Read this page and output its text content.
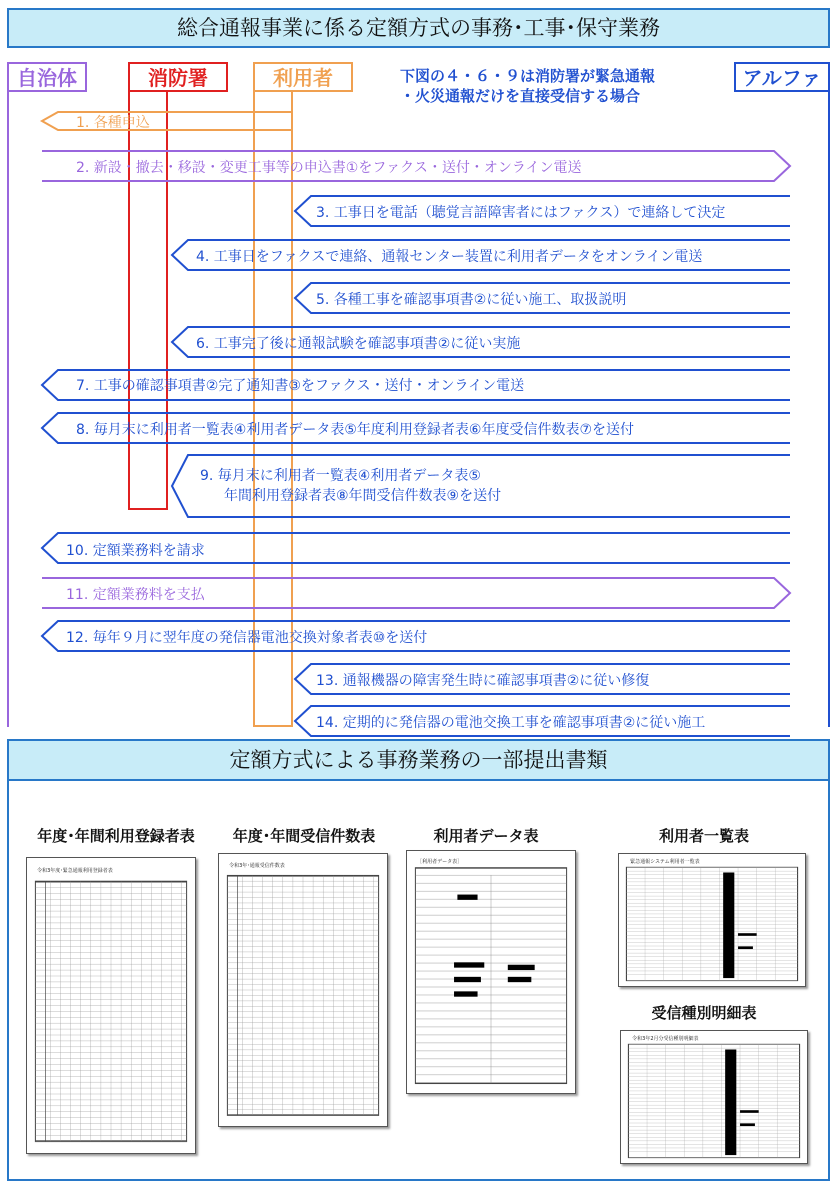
総合通報事業に係る定額方式の事務･工事･保守業務
自治体	消防署	利用者	アルファ
下図の４・６・９は消防署が緊急通報
・火災通報だけを直接受信する場合
1. 各種申込
2. 新設・撤去・移設・変更工事等の申込書①をファクス・送付・オンライン電送
3. 工事日を電話（聴覚言語障害者にはファクス）で連絡して決定
4. 工事日をファクスで連絡、通報センター装置に利用者データをオンライン電送
5. 各種工事を確認事項書②に従い施工、取扱説明
6. 工事完了後に通報試験を確認事項書②に従い実施
7. 工事の確認事項書②完了通知書③をファクス・送付・オンライン電送
8. 毎月末に利用者一覧表④利用者データ表⑤年度利用登録者表⑥年度受信件数表⑦を送付
9. 毎月末に利用者一覧表④利用者データ表⑤
年間利用登録者表⑧年間受信件数表⑨を送付
10. 定額業務料を請求
11. 定額業務料を支払
12. 毎年９月に翌年度の発信器電池交換対象者表⑩を送付
13. 通報機器の障害発生時に確認事項書②に従い修復
14. 定期的に発信器の電池交換工事を確認事項書②に従い施工
定額方式による事務業務の一部提出書類
年度･年間利用登録者表	年度･年間受信件数表	利用者データ表	利用者一覧表
受信種別明細表
令和3年度･緊急通報利用登録者表
令和3年･通報受信件数表
［利用者データ表］	緊急通報システム利用者一覧表
令和3年2月分受信種別明細表
